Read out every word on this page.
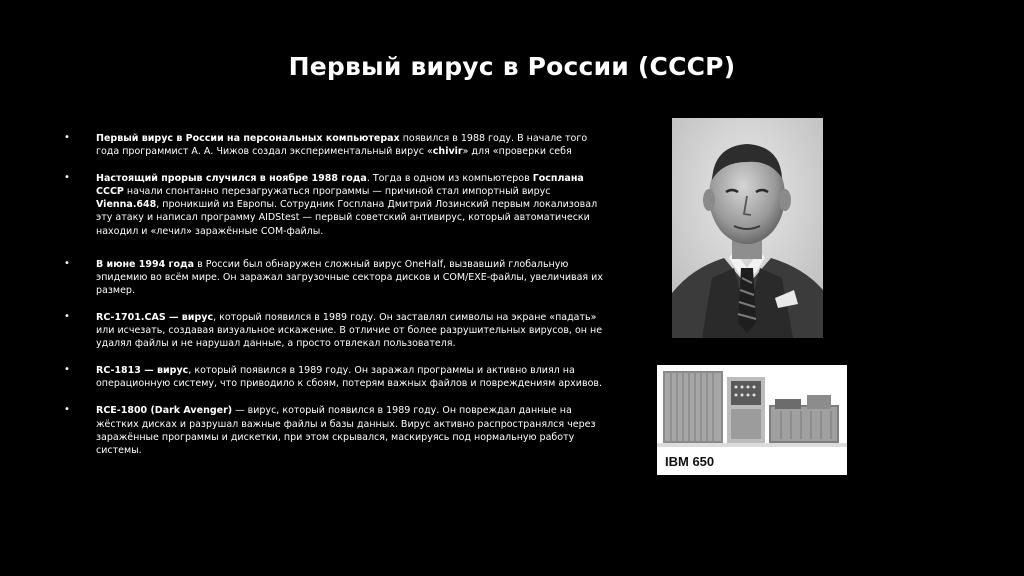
Первый вирус в России (СССР)
•	Первый вирус в России на персональных компьютерах появился в 1988 году. В начале того года программист А. А. Чижов создал экспериментальный вирус «chivir» для «проверки себя
•	Настоящий прорыв случился в ноябре 1988 года. Тогда в одном из компьютеров Госплана СССР начали спонтанно перезагружаться программы — причиной стал импортный вирус Vienna.648, проникший из Европы. Сотрудник Госплана Дмитрий Лозинский первым локализовал эту атаку и написал программу AIDStest — первый советский антивирус, который автоматически находил и «лечил» заражённые COM-файлы.
•	В июне 1994 года в России был обнаружен сложный вирус OneHalf, вызвавший глобальную эпидемию во всём мире. Он заражал загрузочные сектора дисков и COM/EXE-файлы, увеличивая их размер.
•	RC-1701.CAS — вирус, который появился в 1989 году. Он заставлял символы на экране «падать» или исчезать, создавая визуальное искажение. В отличие от более разрушительных вирусов, он не удалял файлы и не нарушал данные, а просто отвлекал пользователя.
•	RC-1813 — вирус, который появился в 1989 году. Он заражал программы и активно влиял на операционную систему, что приводило к сбоям, потерям важных файлов и повреждениям архивов.
•	RCE-1800 (Dark Avenger) — вирус, который появился в 1989 году. Он повреждал данные на жёстких дисках и разрушал важные файлы и базы данных. Вирус активно распространялся через заражённые программы и дискетки, при этом скрывался, маскируясь под нормальную работу системы.
IBM 650
